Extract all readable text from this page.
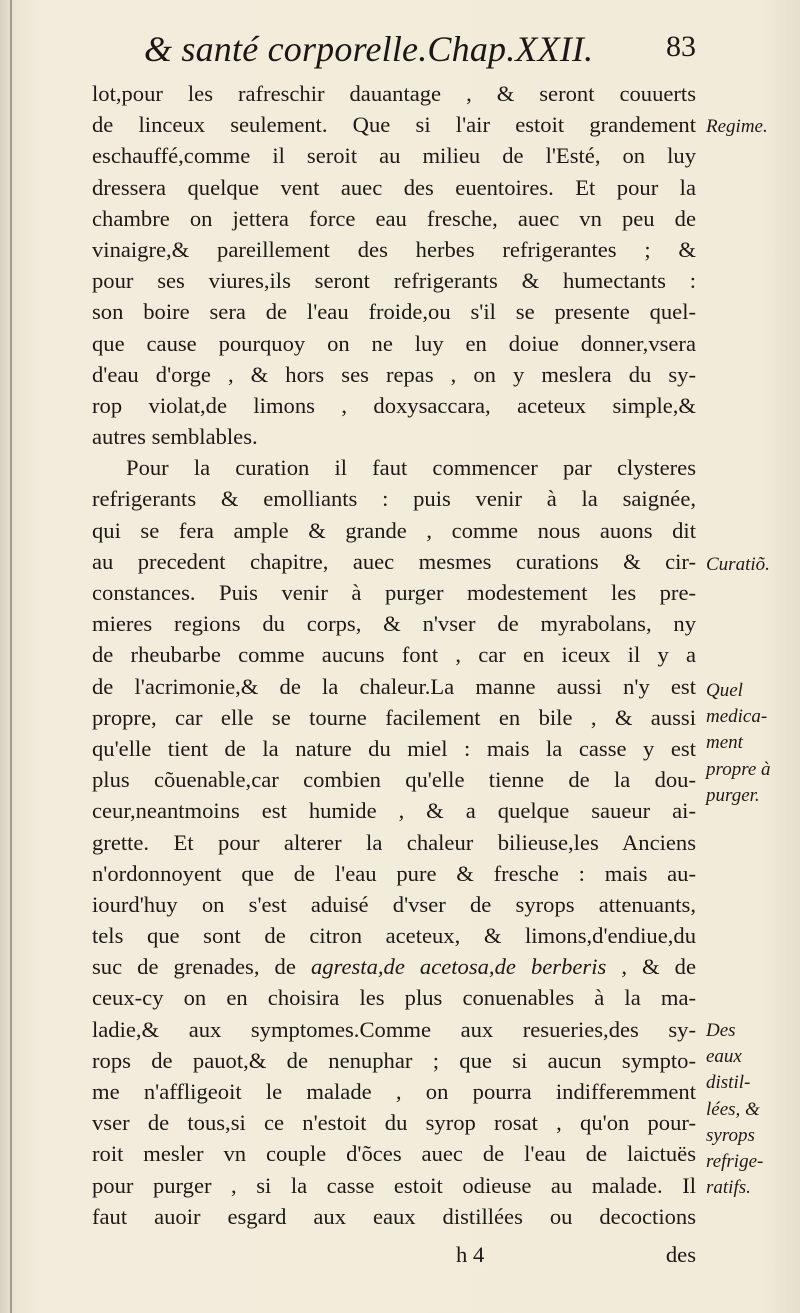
& santé corporelle.Chap.XXII. 83
lot,pour les rafreschir dauantage , & seront couuerts
de linceux seulement. Que si l'air estoit grandement
eschauffé,comme il seroit au milieu de l'Esté, on luy
dressera quelque vent auec des euentoires. Et pour la
chambre on jettera force eau fresche, auec vn peu de
vinaigre,& pareillement des herbes refrigerantes ; &
pour ses viures,ils seront refrigerants & humectants :
son boire sera de l'eau froide,ou s'il se presente quel-
que cause pourquoy on ne luy en doiue donner,vsera
d'eau d'orge , & hors ses repas , on y meslera du sy-
rop violat,de limons , doxysaccara, aceteux simple,&
autres semblables.
Pour la curation il faut commencer par clysteres
refrigerants & emolliants : puis venir à la saignée,
qui se fera ample & grande , comme nous auons dit
au precedent chapitre, auec mesmes curations & cir-
constances. Puis venir à purger modestement les pre-
mieres regions du corps, & n'vser de myrabolans, ny
de rheubarbe comme aucuns font , car en iceux il y a
de l'acrimonie,& de la chaleur.La manne aussi n'y est
propre, car elle se tourne facilement en bile , & aussi
qu'elle tient de la nature du miel : mais la casse y est
plus cõuenable,car combien qu'elle tienne de la dou-
ceur,neantmoins est humide , & a quelque saueur ai-
grette. Et pour alterer la chaleur bilieuse,les Anciens
n'ordonnoyent que de l'eau pure & fresche : mais au-
iourd'huy on s'est aduisé d'vser de syrops attenuants,
tels que sont de citron aceteux, & limons,d'endiue,du
suc de grenades, de agresta,de acetosa,de berberis , & de
ceux-cy on en choisira les plus conuenables à la ma-
ladie,& aux symptomes.Comme aux resueries,des sy-
rops de pauot,& de nenuphar ; que si aucun sympto-
me n'affligeoit le malade , on pourra indifferemment
vser de tous,si ce n'estoit du syrop rosat , qu'on pour-
roit mesler vn couple d'õces auec de l'eau de laictuës
pour purger , si la casse estoit odieuse au malade. Il
faut auoir esgard aux eaux distillées ou decoctions
Regime.
Curatiõ.
Quel
medica-
ment
propre à
purger.
Des
eaux
distil-
lées, &
syrops
refrige-
ratifs.
h 4	des
